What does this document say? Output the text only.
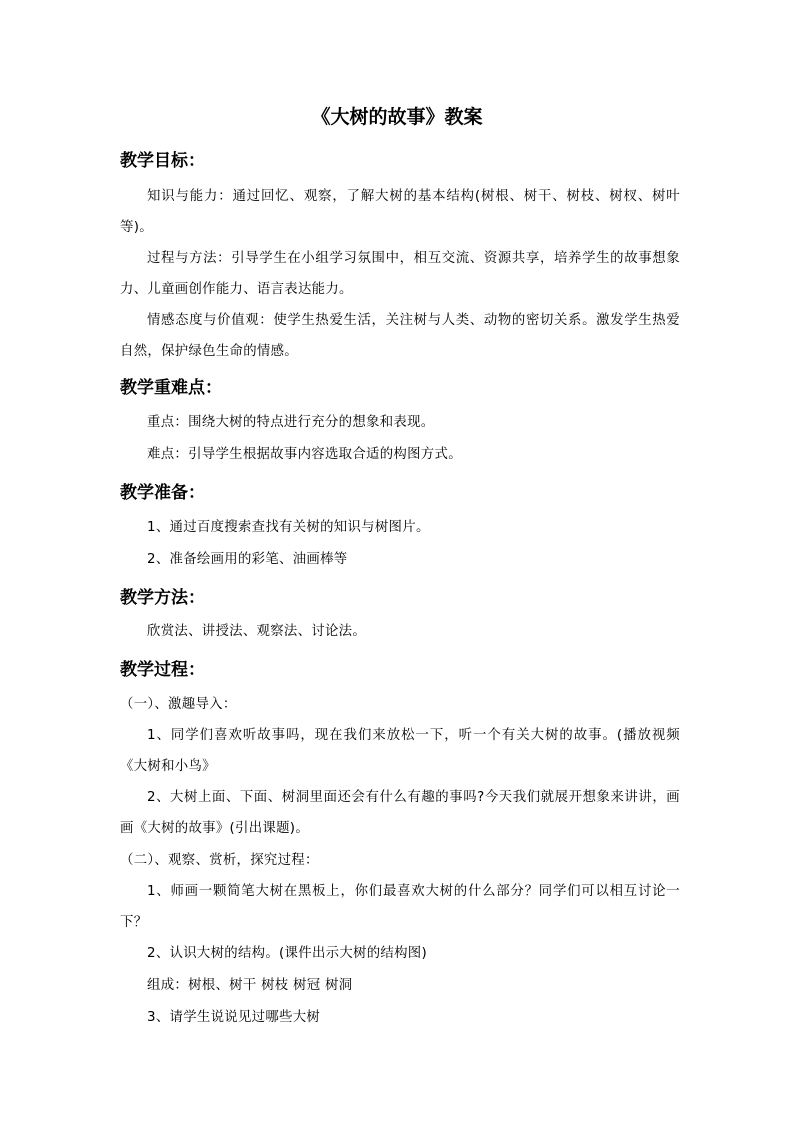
《大树的故事》教案
教学目标：
知识与能力：通过回忆、观察，了解大树的基本结构(树根、树干、树枝、树杈、树叶等)。
过程与方法：引导学生在小组学习氛围中，相互交流、资源共享，培养学生的故事想象力、儿童画创作能力、语言表达能力。
情感态度与价值观：使学生热爱生活，关注树与人类、动物的密切关系。激发学生热爱自然，保护绿色生命的情感。
教学重难点：
重点：围绕大树的特点进行充分的想象和表现。
难点：引导学生根据故事内容选取合适的构图方式。
教学准备：
1、通过百度搜索查找有关树的知识与树图片。
2、准备绘画用的彩笔、油画棒等
教学方法：
欣赏法、讲授法、观察法、讨论法。
教学过程：
（一）、激趣导入：
1、同学们喜欢听故事吗，现在我们来放松一下，听一个有关大树的故事。(播放视频《大树和小鸟》
2、大树上面、下面、树洞里面还会有什么有趣的事吗?今天我们就展开想象来讲讲，画画《大树的故事》(引出课题)。
（二）、观察、赏析，探究过程：
1、师画一颗简笔大树在黑板上，你们最喜欢大树的什么部分？同学们可以相互讨论一下？
2、认识大树的结构。(课件出示大树的结构图)
组成：树根、树干 树枝 树冠 树洞
3、请学生说说见过哪些大树
